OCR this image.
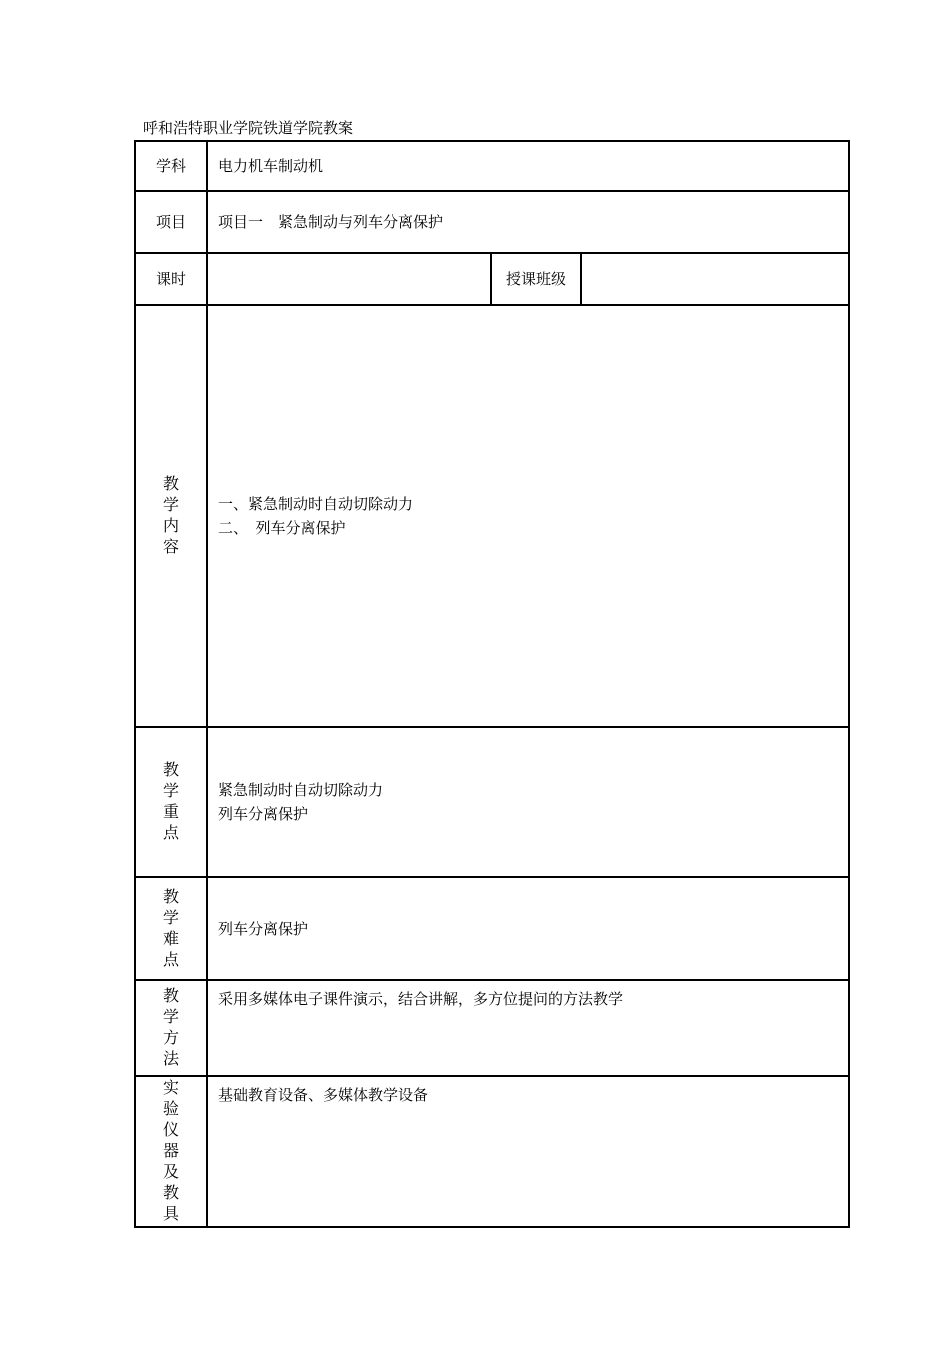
呼和浩特职业学院铁道学院教案
学科	电力机车制动机		
项目	项目一　紧急制动与列车分离保护		
课时		授课班级	
教学内容	一、紧急制动时自动切除动力
二、　列车分离保护		

教学重点	紧急制动时自动切除动力
列车分离保护		

教学难点	列车分离保护		
教学方法	采用多媒体电子课件演示，结合讲解，多方位提问的方法教学		
实验仪器及教具	基础教育设备、多媒体教学设备		
